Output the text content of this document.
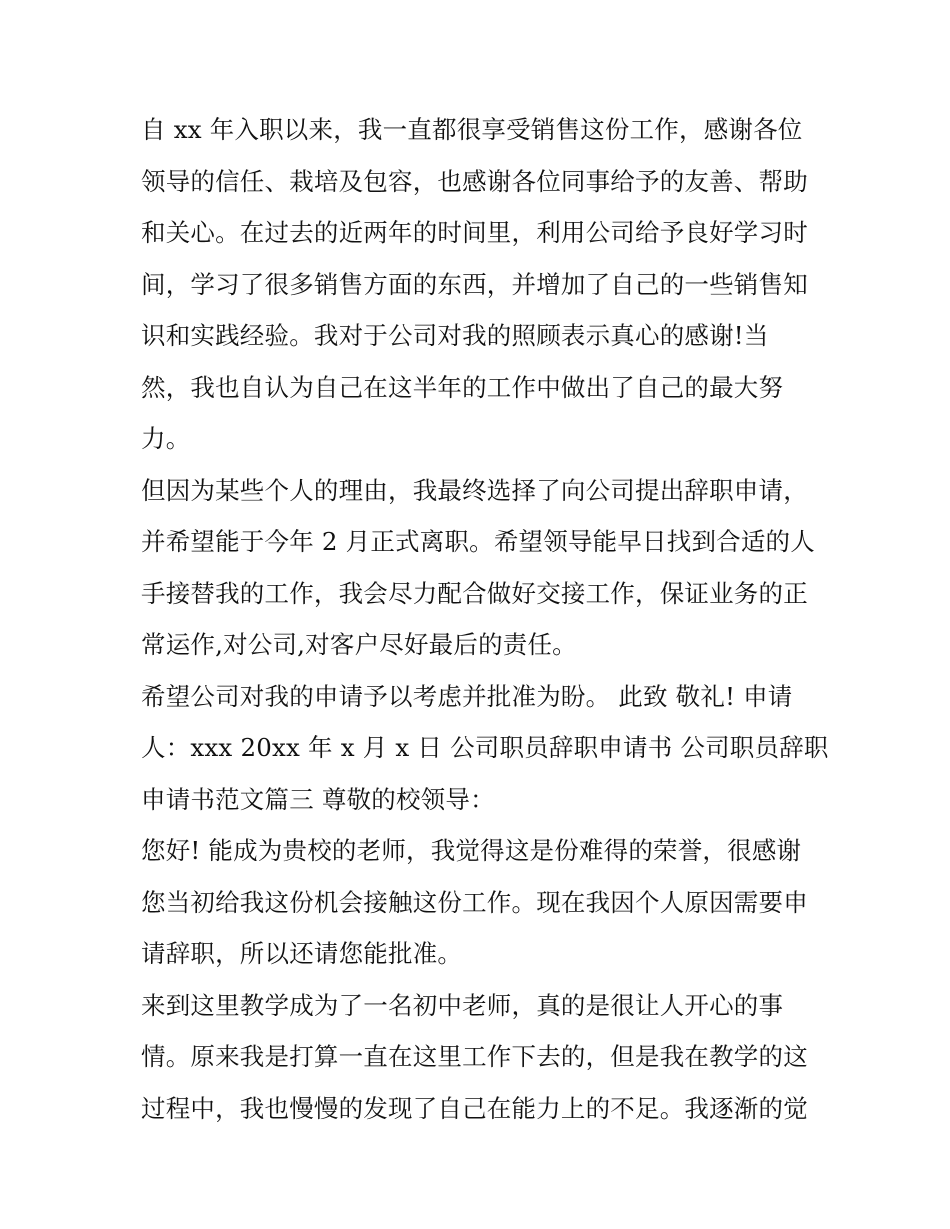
自 xx 年入职以来，我一直都很享受销售这份工作，感谢各位
领导的信任、栽培及包容，也感谢各位同事给予的友善、帮助
和关心。在过去的近两年的时间里，利用公司给予良好学习时
间，学习了很多销售方面的东西，并增加了自己的一些销售知
识和实践经验。我对于公司对我的照顾表示真心的感谢!当
然，我也自认为自己在这半年的工作中做出了自己的最大努
力。
但因为某些个人的理由，我最终选择了向公司提出辞职申请，
并希望能于今年 2 月正式离职。希望领导能早日找到合适的人
手接替我的工作，我会尽力配合做好交接工作，保证业务的正
常运作,对公司,对客户尽好最后的责任。
希望公司对我的申请予以考虑并批准为盼。 此致 敬礼! 申请
人：xxx 20xx 年 x 月 x 日 公司职员辞职申请书 公司职员辞职
申请书范文篇三 尊敬的校领导：
您好! 能成为贵校的老师，我觉得这是份难得的荣誉，很感谢
您当初给我这份机会接触这份工作。现在我因个人原因需要申
请辞职，所以还请您能批准。
来到这里教学成为了一名初中老师，真的是很让人开心的事
情。原来我是打算一直在这里工作下去的，但是我在教学的这
过程中，我也慢慢的发现了自己在能力上的不足。我逐渐的觉
